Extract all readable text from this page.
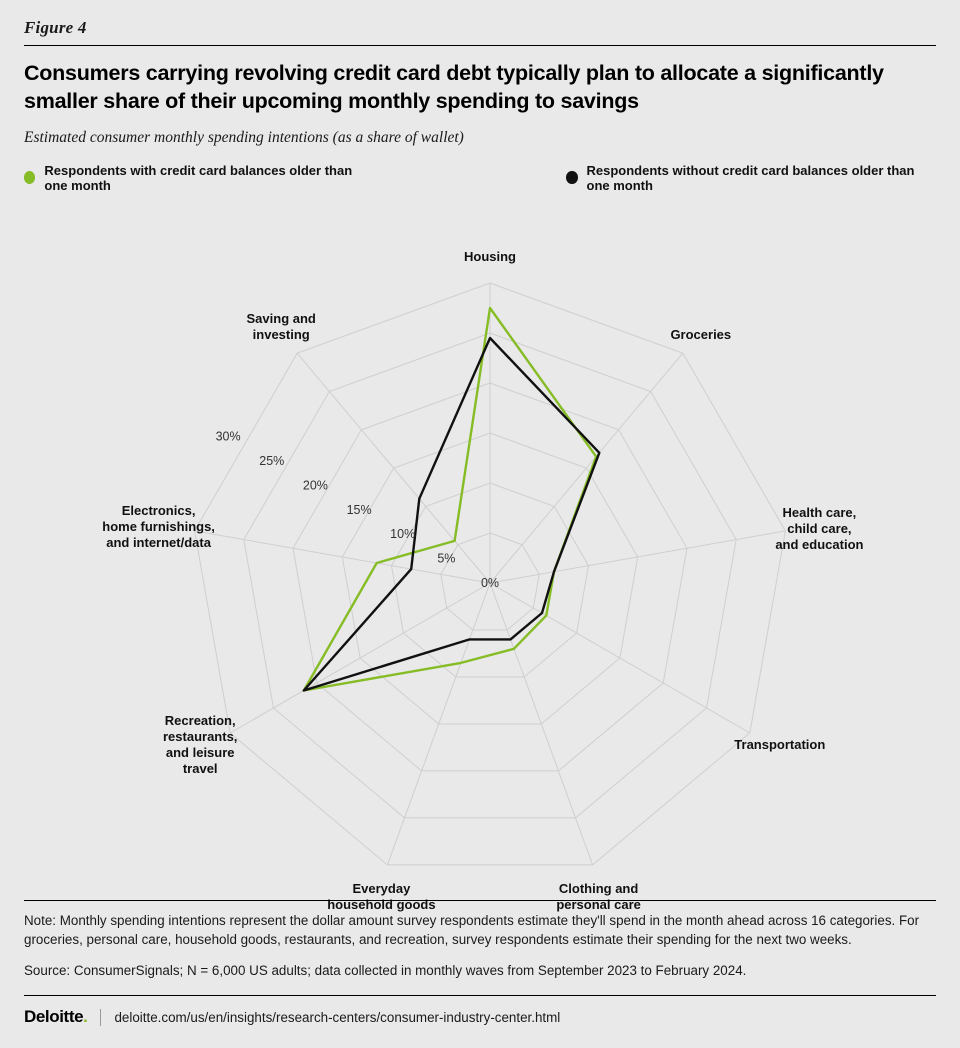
Figure 4
Consumers carrying revolving credit card debt typically plan to allocate a significantly smaller share of their upcoming monthly spending to savings
Estimated consumer monthly spending intentions (as a share of wallet)
Respondents with credit card balances older than one month
Respondents without credit card balances older than one month
0%
5%
10%
15%
20%
25%
30%
Housing
Groceries
Health care, child care, and education
Transportation
Clothing and personal care
Everyday household goods
Recreation, restaurants, and leisure travel
Electronics, home furnishings, and internet/data
Saving and investing
Note: Monthly spending intentions represent the dollar amount survey respondents estimate they'll spend in the month ahead across 16 categories. For groceries, personal care, household goods, restaurants, and recreation, survey respondents estimate their spending for the next two weeks.
Source: ConsumerSignals; N = 6,000 US adults; data collected in monthly waves from September 2023 to February 2024.
Deloitte. deloitte.com/us/en/insights/research-centers/consumer-industry-center.html
